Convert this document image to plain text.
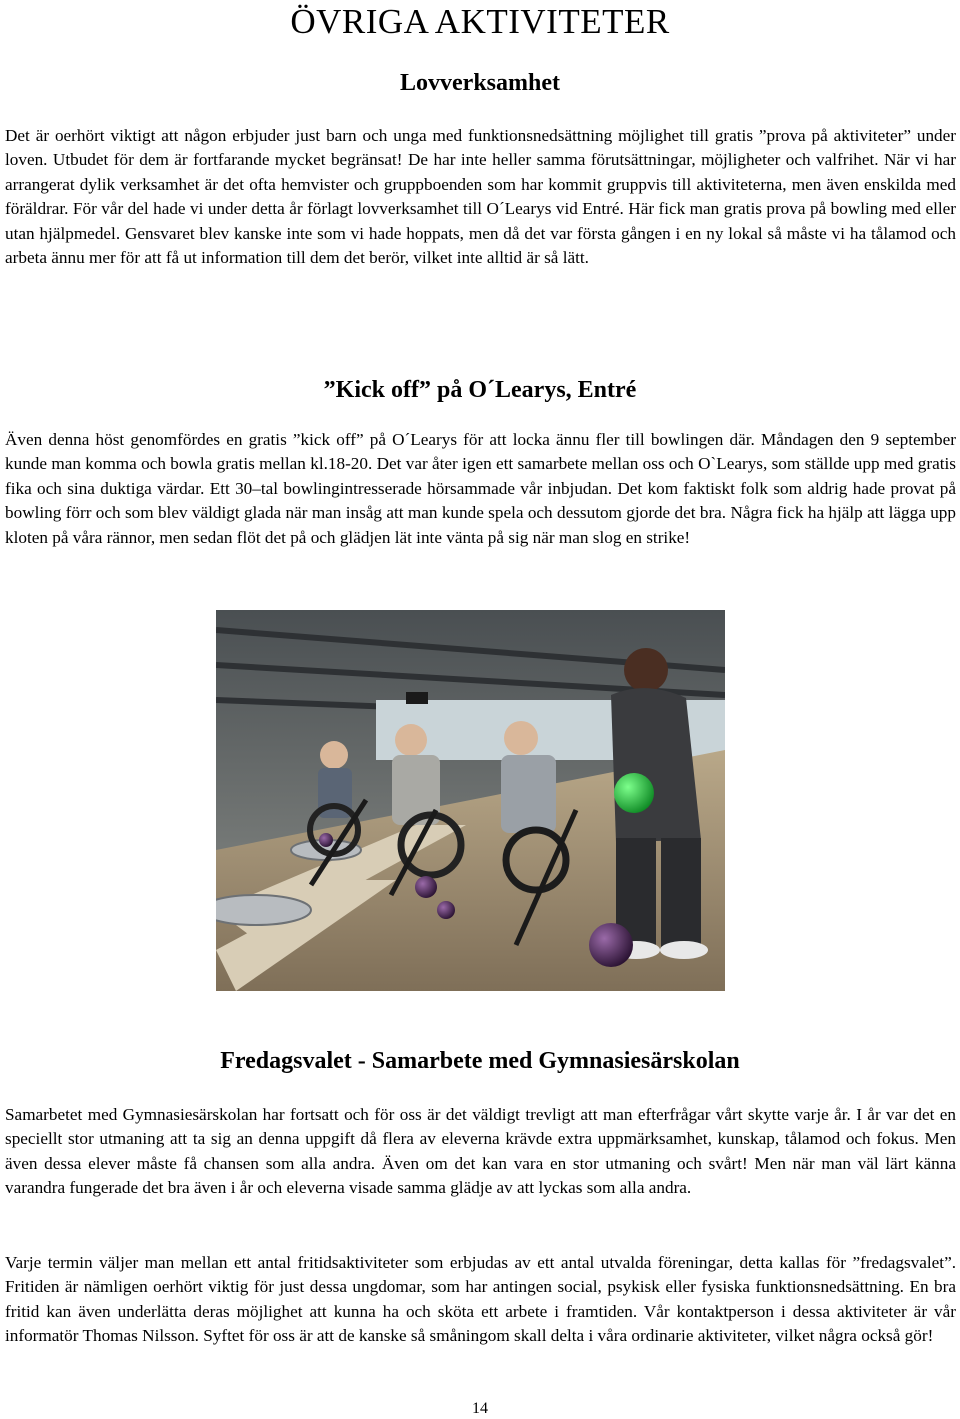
ÖVRIGA AKTIVITETER
Lovverksamhet

Det är oerhört viktigt att någon erbjuder just barn och unga med funktionsnedsättning möjlighet till gratis ”prova på aktiviteter” under loven. Utbudet för dem är fortfarande mycket begränsat! De har inte heller samma förutsättningar, möjligheter och valfrihet. När vi har arrangerat dylik verksamhet är det ofta hemvister och gruppboenden som har kommit gruppvis till aktiviteterna, men även enskilda med föräldrar. För vår del hade vi under detta år förlagt lovverksamhet till O´Learys vid Entré. Här fick man gratis prova på bowling med eller utan hjälpmedel. Gensvaret blev kanske inte som vi hade hoppats, men då det var första gången i en ny lokal så måste vi ha tålamod och arbeta ännu mer för att få ut information till dem det berör, vilket inte alltid är så lätt.

”Kick off” på O´Learys, Entré

Även denna höst genomfördes en gratis ”kick off” på O´Learys för att locka ännu fler till bowlingen där. Måndagen den 9 september kunde man komma och bowla gratis mellan kl.18-20. Det var åter igen ett samarbete mellan oss och O`Learys, som ställde upp med gratis fika och sina duktiga värdar. Ett 30–tal bowlingintresserade hörsammade vår inbjudan. Det kom faktiskt folk som aldrig hade provat på bowling förr och som blev väldigt glada när man insåg att man kunde spela och dessutom gjorde det bra. Några fick ha hjälp att lägga upp kloten på våra rännor, men sedan flöt det på och glädjen lät inte vänta på sig när man slog en strike!

Fredagsvalet - Samarbete med Gymnasiesärskolan

Samarbetet med Gymnasiesärskolan har fortsatt och för oss är det väldigt trevligt att man efterfrågar vårt skytte varje år. I år var det en speciellt stor utmaning att ta sig an denna uppgift då flera av eleverna krävde extra uppmärksamhet, kunskap, tålamod och fokus. Men även dessa elever måste få chansen som alla andra. Även om det kan vara en stor utmaning och svårt! Men när man väl lärt känna varandra fungerade det bra även i år och eleverna visade samma glädje av att lyckas som alla andra.

Varje termin väljer man mellan ett antal fritidsaktiviteter som erbjudas av ett antal utvalda föreningar, detta kallas för ”fredagsvalet”. Fritiden är nämligen oerhört viktig för just dessa ungdomar, som har antingen social, psykisk eller fysiska funktionsnedsättning. En bra fritid kan även underlätta deras möjlighet att kunna ha och sköta ett arbete i framtiden. Vår kontaktperson i dessa aktiviteter är vår informatör Thomas Nilsson. Syftet för oss är att de kanske så småningom skall delta i våra ordinarie aktiviteter, vilket några också gör!

14
